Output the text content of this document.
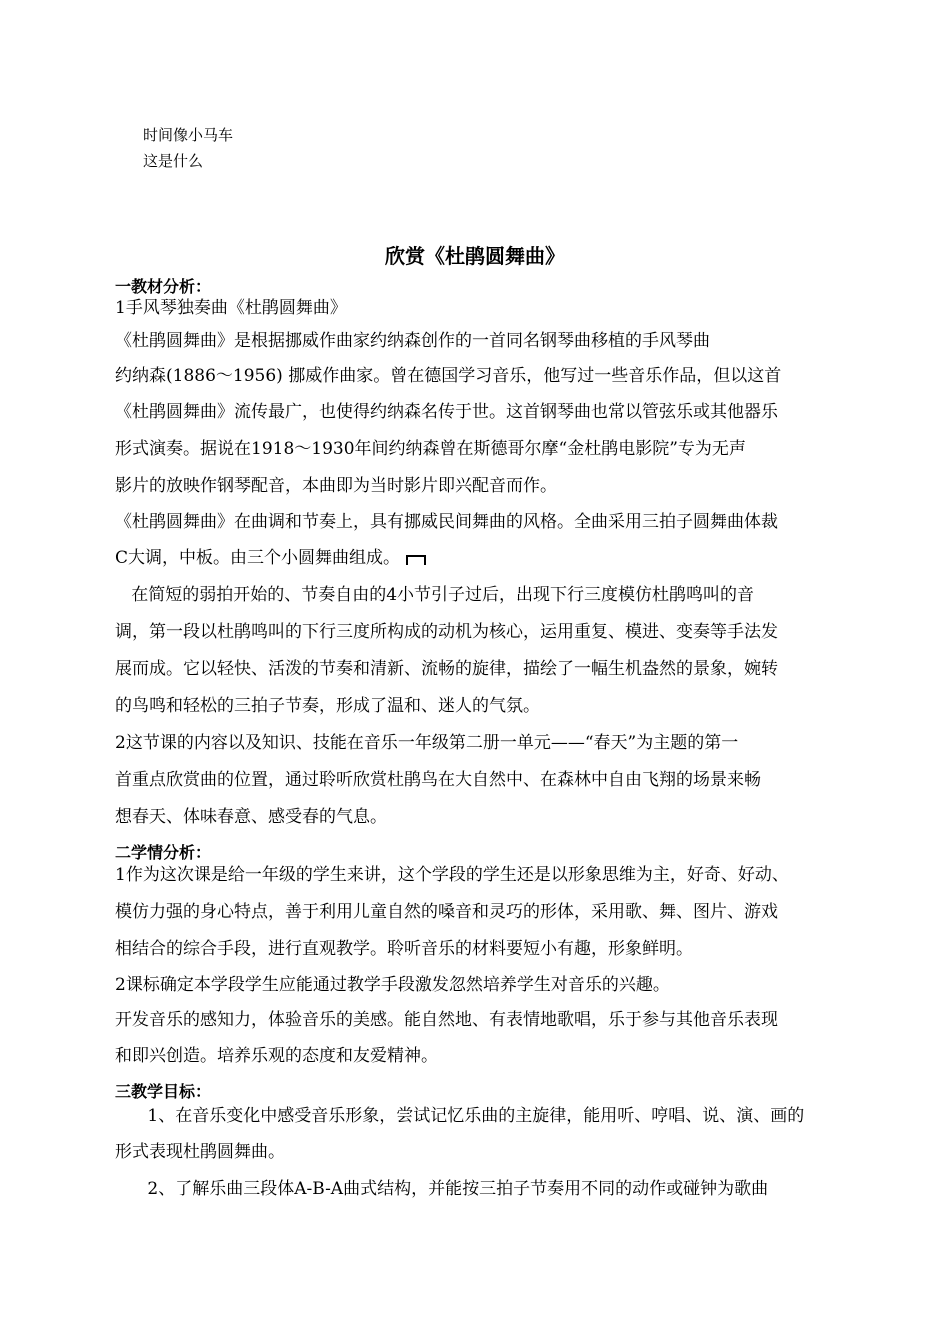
时间像小马车
这是什么
欣赏《杜鹃圆舞曲》
一教材分析：
1手风琴独奏曲《杜鹃圆舞曲》
《杜鹃圆舞曲》是根据挪威作曲家约纳森创作的一首同名钢琴曲移植的手风琴曲
约纳森(1886～1956) 挪威作曲家。曾在德国学习音乐，他写过一些音乐作品，但以这首
《杜鹃圆舞曲》流传最广，也使得约纳森名传于世。这首钢琴曲也常以管弦乐或其他器乐
形式演奏。据说在1918～1930年间约纳森曾在斯德哥尔摩“金杜鹃电影院”专为无声
影片的放映作钢琴配音，本曲即为当时影片即兴配音而作。
《杜鹃圆舞曲》在曲调和节奏上，具有挪威民间舞曲的风格。全曲采用三拍子圆舞曲体裁
C大调，中板。由三个小圆舞曲组成。
在简短的弱拍开始的、节奏自由的4小节引子过后，出现下行三度模仿杜鹃鸣叫的音
调，第一段以杜鹃鸣叫的下行三度所构成的动机为核心，运用重复、模进、变奏等手法发
展而成。它以轻快、活泼的节奏和清新、流畅的旋律，描绘了一幅生机盎然的景象，婉转
的鸟鸣和轻松的三拍子节奏，形成了温和、迷人的气氛。
2这节课的内容以及知识、技能在音乐一年级第二册一单元——“春天”为主题的第一
首重点欣赏曲的位置，通过聆听欣赏杜鹃鸟在大自然中、在森林中自由飞翔的场景来畅
想春天、体味春意、感受春的气息。
二学情分析：
1作为这次课是给一年级的学生来讲，这个学段的学生还是以形象思维为主，好奇、好动、
模仿力强的身心特点，善于利用儿童自然的嗓音和灵巧的形体，采用歌、舞、图片、游戏
相结合的综合手段，进行直观教学。聆听音乐的材料要短小有趣，形象鲜明。
2课标确定本学段学生应能通过教学手段激发忽然培养学生对音乐的兴趣。
开发音乐的感知力，体验音乐的美感。能自然地、有表情地歌唱，乐于参与其他音乐表现
和即兴创造。培养乐观的态度和友爱精神。
三教学目标：
1、在音乐变化中感受音乐形象，尝试记忆乐曲的主旋律，能用听、哼唱、说、演、画的
形式表现杜鹃圆舞曲。
2、了解乐曲三段体A-B-A曲式结构，并能按三拍子节奏用不同的动作或碰钟为歌曲
